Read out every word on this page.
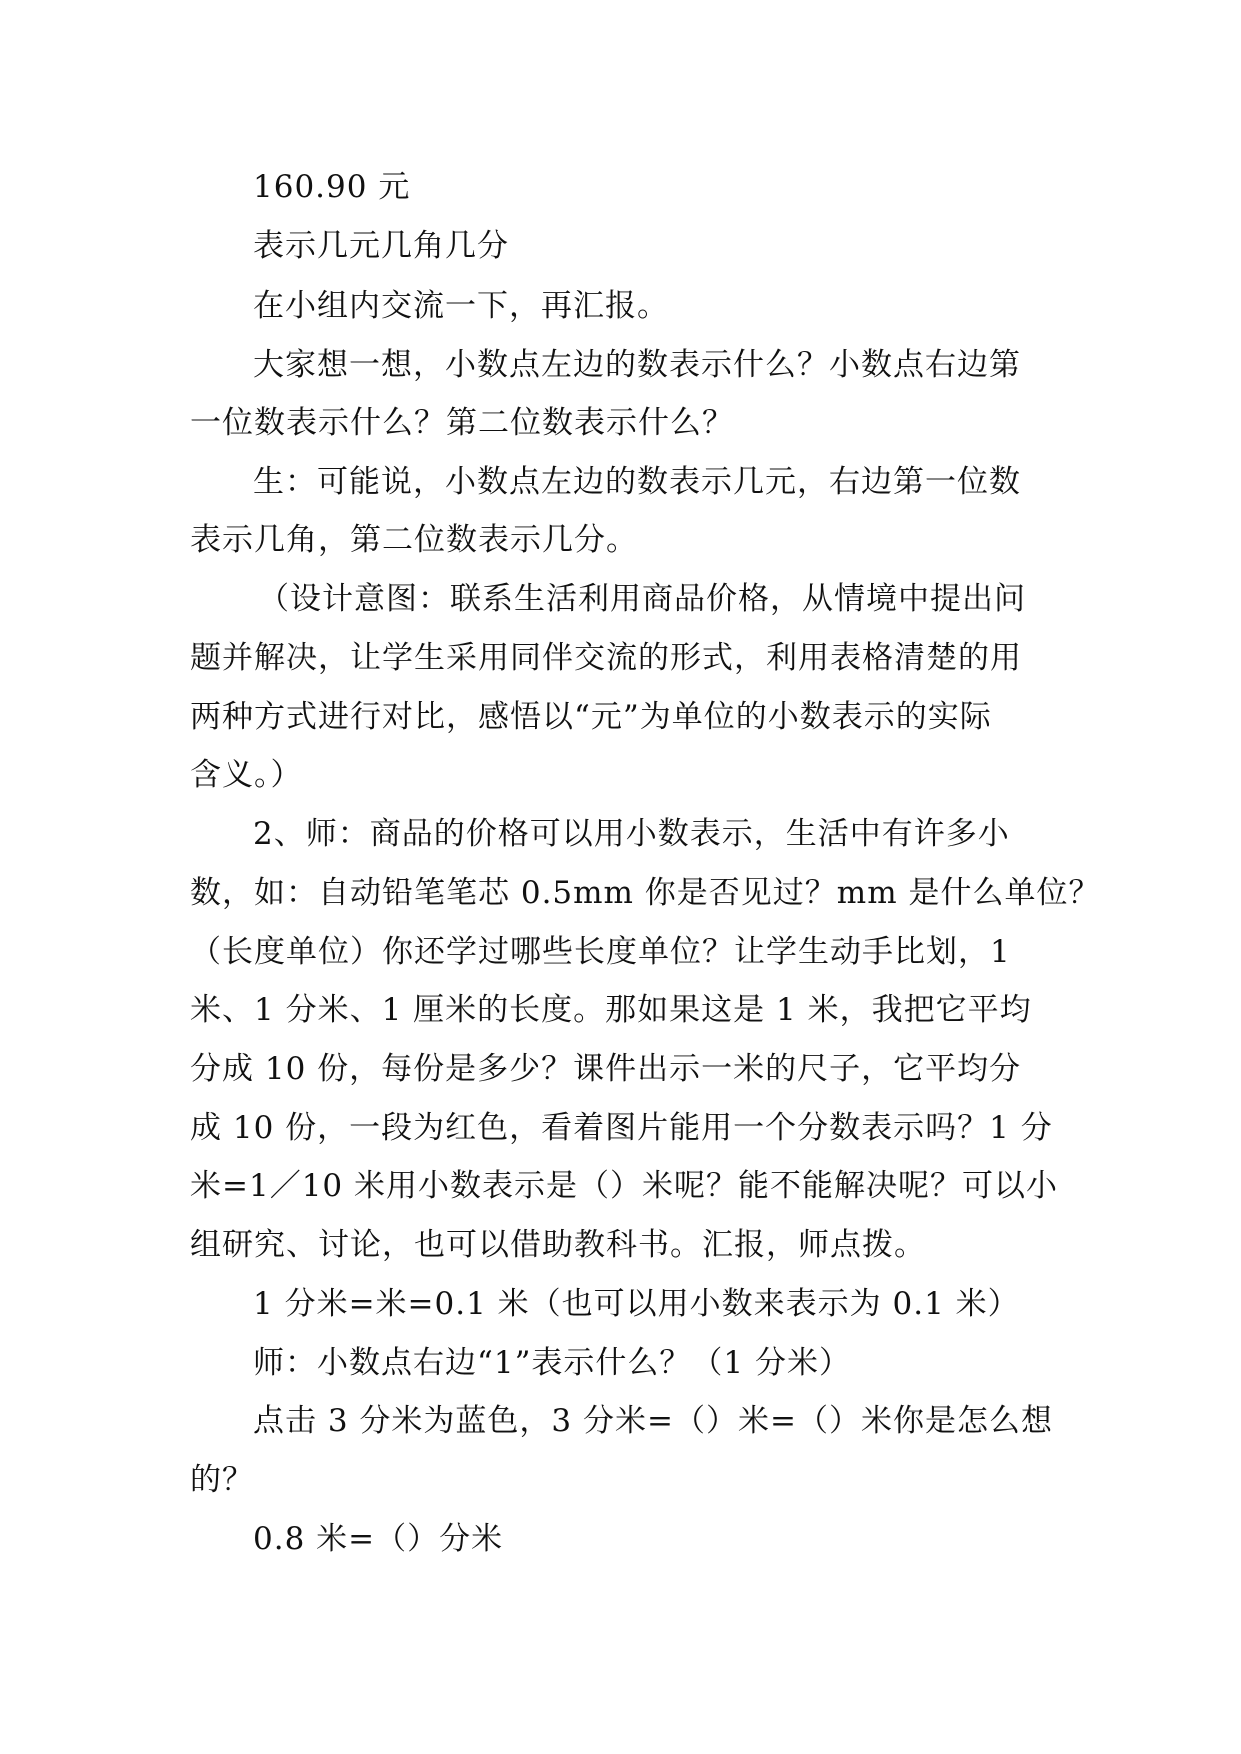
160.90 元
表示几元几角几分
在小组内交流一下，再汇报。
大家想一想，小数点左边的数表示什么？小数点右边第
一位数表示什么？第二位数表示什么？
生：可能说，小数点左边的数表示几元，右边第一位数
表示几角，第二位数表示几分。
（设计意图：联系生活利用商品价格，从情境中提出问
题并解决，让学生采用同伴交流的形式，利用表格清楚的用
两种方式进行对比，感悟以“元”为单位的小数表示的实际
含义。）
2、师：商品的价格可以用小数表示，生活中有许多小
数，如：自动铅笔笔芯 0.5mm 你是否见过？mm 是什么单位？
（长度单位）你还学过哪些长度单位？让学生动手比划，1
米、1 分米、1 厘米的长度。那如果这是 1 米，我把它平均
分成 10 份，每份是多少？课件出示一米的尺子，它平均分
成 10 份，一段为红色，看着图片能用一个分数表示吗？1 分
米=1／10 米用小数表示是（）米呢？能不能解决呢？可以小
组研究、讨论，也可以借助教科书。汇报，师点拨。
1 分米=米=0.1 米（也可以用小数来表示为 0.1 米）
师：小数点右边“1”表示什么？（1 分米）
点击 3 分米为蓝色，3 分米=（）米=（）米你是怎么想
的？
0.8 米=（）分米
